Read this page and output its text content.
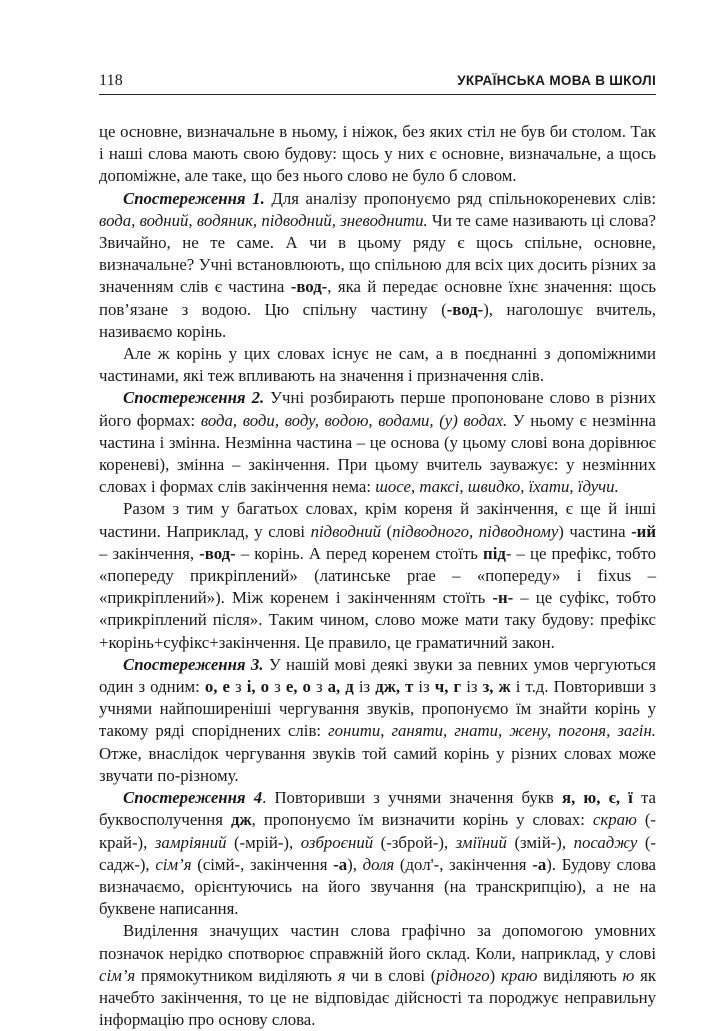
118	УКРАЇНСЬКА МОВА В ШКОЛІ

це основне, визначальне в ньому, і ніжок, без яких стіл не був би столом. Так і наші слова мають свою будову: щось у них є основне, визначальне, а щось допоміжне, але таке, що без нього слово не було б словом.

Спостереження 1. Для аналізу пропонуємо ряд спільнокореневих слів: вода, водний, водяник, підводний, зневоднити. Чи те саме називають ці слова? Звичайно, не те саме. А чи в цьому ряду є щось спільне, основне, визначальне? Учні встановлюють, що спільною для всіх цих досить різних за значенням слів є частина -вод-, яка й передає основне їхнє значення: щось пов’язане з водою. Цю спільну частину (-вод-), наголошує вчитель, називаємо корінь.

Але ж корінь у цих словах існує не сам, а в поєднанні з допоміжними частинами, які теж впливають на значення і призначення слів.

Спостереження 2. Учні розбирають перше пропоноване слово в різних його формах: вода, води, воду, водою, водами, (у) водах. У ньому є незмінна частина і змінна. Незмінна частина – це основа (у цьому слові вона дорівнює кореневі), змінна – закінчення. При цьому вчитель зауважує: у незмінних словах і формах слів закінчення нема: шосе, таксі, швидко, їхати, їдучи.

Разом з тим у багатьох словах, крім кореня й закінчення, є ще й інші частини. Наприклад, у слові підводний (підводного, підводному) частина -ий – закінчення, -вод- – корінь. А перед коренем стоїть під- – це префікс, тобто «попереду прикріплений» (латинське prae – «попереду» і fixus – «прикріплений»). Між коренем і закінченням стоїть -н- – це суфікс, тобто «прикріплений після». Таким чином, слово може мати таку будову: префікс +корінь+суфікс+закінчення. Це правило, це граматичний закон.

Спостереження 3. У нашій мові деякі звуки за певних умов чергуються один з одним: о, е з і, о з е, о з а, д із дж, т із ч, г із з, ж і т.д. Повторивши з учнями найпоширеніші чергування звуків, пропонуємо їм знайти корінь у такому ряді споріднених слів: гонити, ганяти, гнати, жену, погоня, загін. Отже, внаслідок чергування звуків той самий корінь у різних словах може звучати по-різному.

Спостереження 4. Повторивши з учнями значення букв я, ю, є, ї та буквосполучення дж, пропонуємо їм визначити корінь у словах: скраю (-край-), замріяний (-мрій-), озброєний (-зброй-), зміїний (змій-), посаджу (-садж-), сім’я (сімй-, закінчення -а), доля (дол'-, закінчення -а). Будову слова визначаємо, орієнтуючись на його звучання (на транскрипцію), а не на буквене написання.

Виділення значущих частин слова графічно за допомогою умовних позначок нерідко спотворює справжній його склад. Коли, наприклад, у слові сім’я прямокутником виділяють я чи в слові (рідного) краю виділяють ю як начебто закінчення, то це не відповідає дійсності та породжує неправильну інформацію про основу слова.
